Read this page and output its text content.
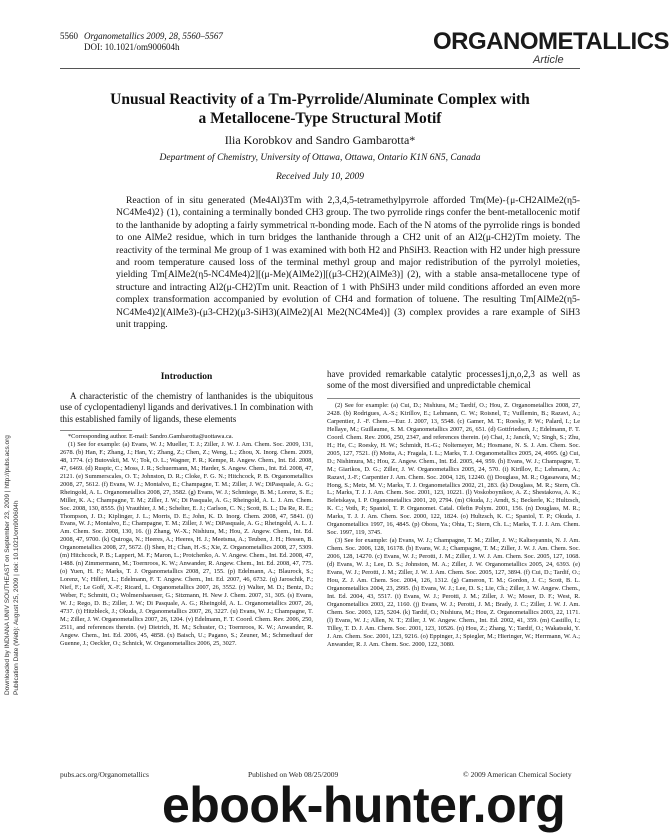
5560 Organometallics 2009, 28, 5560–5567
DOI: 10.1021/om900604h	ORGANOMETALLICS
Article
Downloaded by INDIANA UNIV SOUTHEAST on September 23, 2009 | http://pubs.acs.org Publication Date (Web): August 25, 2009 | doi: 10.1021/om900604h
Unusual Reactivity of a Tm-Pyrrolide/Aluminate Complex with
a Metallocene-Type Structural Motif
Ilia Korobkov and Sandro Gambarotta*
Department of Chemistry, University of Ottawa, Ottawa, Ontario K1N 6N5, Canada
Received July 10, 2009

Reaction of in situ generated (Me4Al)3Tm with 2,3,4,5-tetramethylpyrrole afforded Tm(Me)-{μ-CH2AlMe2(η5-NC4Me4)2} (1), containing a terminally bonded CH3 group. The two pyrrolide rings confer the bent-metallocenic motif to the lanthanide by adopting a fairly symmetrical π-bonding mode. Each of the N atoms of the pyrrolide rings is bonded to one AlMe2 residue, which in turn bridges the lanthanide through a CH2 unit of an Al2(μ-CH2)Tm moiety. The reactivity of the terminal Me group of 1 was examined with both H2 and PhSiH3. Reaction with H2 under high pressure and room temperature caused loss of the terminal methyl group and major redistribution of the pyrrolyl moieties, yielding Tm[AlMe2(η5-NC4Me4)2][(μ-Me)(AlMe2)][(μ3-CH2)(AlMe3)] (2), with a stable ansa-metallocene type of structure and intracting Al2(μ-CH2)Tm unit. Reaction of 1 with PhSiH3 under mild conditions afforded an even more complex transformation accompanied by evolution of CH4 and formation of toluene. The resulting Tm[AlMe2(η5-NC4Me4)2](AlMe3)-(μ3-CH2)(μ3-SiH3)(AlMe2)[Al Me2(NC4Me4)] (3) complex provides a rare example of SiH3 unit trapping.

Introduction

A characteristic of the chemistry of lanthanides is the ubiquitous use of cyclopentadienyl ligands and derivatives.1 In combination with this established family of ligands, these elements

*Corresponding author. E-mail: Sandro.Gambarotta@uottawa.ca.

(1) See for example: (a) Evans, W. J.; Mueller, T. J.; Ziller, J. W. J. Am. Chem. Soc. 2009, 131, 2678. (b) Han, F.; Zhang, J.; Han, Y.; Zhang, Z.; Chen, Z.; Weng, L.; Zhou, X. Inorg. Chem. 2009, 48, 1774. (c) Butovskii, M. V.; Tok, O. L.; Wagner, F. R.; Kempe, R. Angew. Chem., Int. Ed. 2008, 47, 6469. (d) Ruspic, C.; Moss, J. R.; Schuermann, M.; Harder, S. Angew. Chem., Int. Ed. 2008, 47, 2121. (e) Summerscales, O. T.; Johnston, D. R.; Cloke, F. G. N.; Hitchcock, P. B. Organometallics 2008, 27, 5612. (f) Evans, W. J.; Montalvo, E.; Champagne, T. M.; Ziller, J. W.; DiPasquale, A. G.; Rheingold, A. L. Organometallics 2008, 27, 3582. (g) Evans, W. J.; Schmiege, B. M.; Lorenz, S. E.; Miller, K. A.; Champagne, T. M.; Ziller, J. W.; Di Pasquale, A. G.; Rheingold, A. L. J. Am. Chem. Soc. 2008, 130, 8555. (h) Vrauthier, J. M.; Schelter, E. J.; Carlson, C. N.; Scott, B. L.; Da Re, R. E.; Thompson, J. D.; Kiplinger, J. L.; Morris, D. E.; John, K. D. Inorg. Chem. 2008, 47, 5841. (i) Evans, W. J.; Montalvo, E.; Champagne, T. M.; Ziller, J. W.; DiPasquale, A. G.; Rheingold, A. L. J. Am. Chem. Soc. 2008, 130, 16. (j) Zhang, W.-X.; Nishiura, M.; Hou, Z. Angew. Chem., Int. Ed. 2008, 47, 9700. (k) Quiroga, N.; Heeres, A.; Heeres, H. J.; Meetsma, A.; Teuben, J. H.; Hessen, B. Organometallics 2008, 27, 5672. (l) Shen, H.; Chan, H.-S.; Xie, Z. Organometallics 2008, 27, 5309. (m) Hitchcock, P. B.; Lappert, M. F.; Maron, L.; Protchenko, A. V. Angew. Chem., Int. Ed. 2008, 47, 1488. (n) Zimmermann, M.; Toernroos, K. W.; Anwander, R. Angew. Chem., Int. Ed. 2008, 47, 775. (o) Yuen, H. F.; Marks, T. J. Organometallics 2008, 27, 155. (p) Edelmann, A.; Blaurock, S.; Lorenz, V.; Hilfert, L.; Edelmann, F. T. Angew. Chem., Int. Ed. 2007, 46, 6732. (q) Jaroschik, F.; Nief, F.; Le Goff, X.-F.; Ricard, L. Organometallics 2007, 26, 3552. (r) Walter, M. D.; Bentz, D.; Weber, F.; Schmitt, O.; Wolmershaeuser, G.; Sitzmann, H. New J. Chem. 2007, 31, 305. (s) Evans, W. J.; Rego, D. B.; Ziller, J. W.; Di Pasquale, A. G.; Rheingold, A. L. Organometallics 2007, 26, 4737. (t) Hitzbleck, J.; Okuda, J. Organometallics 2007, 26, 3227. (u) Evans, W. J.; Champagne, T. M.; Ziller, J. W. Organometallics 2007, 26, 1204. (v) Edelmann, F. T. Coord. Chem. Rev. 2006, 250, 2511, and references therein. (w) Dietrich, H. M.; Schuster, O.; Toernroos, K. W.; Anwander, R. Angew. Chem., Int. Ed. 2006, 45, 4858. (x) Baisch, U.; Pagano, S.; Zeuner, M.; Schmedtauf der Guenne, J.; Oeckler, O.; Schnick, W. Organometallics 2006, 25, 3027.

have provided remarkable catalytic processes1j,n,o,2,3 as well as some of the most diversified and unpredictable chemical

(2) See for example: (a) Cui, D.; Nishiura, M.; Tardif, O.; Hou, Z. Organometallics 2008, 27, 2428. (b) Rodrigues, A.-S.; Kirillov, E.; Lehmann, C. W.; Roisnel, T.; Vuillemin, B.; Razavi, A.; Carpentier, J. -F. Chem.—Eur. J. 2007, 13, 5548. (c) Gamer, M. T.; Roesky, P. W.; Palard, I.; Le Hellaye, M.; Guillaume, S. M. Organometallics 2007, 26, 651. (d) Gottfriedsen, J.; Edelmann, F. T. Coord. Chem. Rev. 2006, 250, 2347, and references therein. (e) Chai, J.; Jancik, V.; Singh, S.; Zhu, H.; He, C.; Roesky, H. W.; Schmidt, H.-G.; Noltemeyer, M.; Hosmane, N. S. J. Am. Chem. Soc. 2005, 127, 7521. (f) Motta, A.; Fragala, I. L.; Marks, T. J. Organometallics 2005, 24, 4995. (g) Cui, D.; Nishimura, M.; Hou, Z. Angew. Chem., Int. Ed. 2005, 44, 959. (h) Evans, W. J.; Champagne, T. M.; Giarikos, D. G.; Ziller, J. W. Organometallics 2005, 24, 570. (i) Kirillov, E.; Lehmann, A.; Razavi, J.-F.; Carpentier J. Am. Chem. Soc. 2004, 126, 12240. (j) Douglass, M. R.; Ogasawara, M.; Hong, S.; Metz, M. V.; Marks, T. J. Organometallics 2002, 21, 283. (k) Douglass, M. R.; Stern, Ch. L.; Marks, T. J. J. Am. Chem. Soc. 2001, 123, 10221. (l) Voskoboynikov, A. Z.; Shestakova, A. K.; Beletskaya, I. P. Organometallics 2001, 20, 2794. (m) Okuda, J.; Arndt, S.; Beckerle, K.; Hultzsch, K. C.; Voth, P.; Spaniol, T. P. Organomet. Catal. Olefin Polym. 2001, 156. (n) Douglass, M. R.; Marks, T. J. J. Am. Chem. Soc. 2000, 122, 1824. (o) Hultzsch, K. C.; Spaniol, T. P.; Okuda, J. Organometallics 1997, 16, 4845. (p) Obora, Ya.; Ohta, T.; Stern, Ch. L.; Marks, T. J. J. Am. Chem. Soc. 1997, 119, 3745.

(3) See for example: (a) Evans, W. J.; Champagne, T. M.; Ziller, J. W.; Kaltsoyannis, N. J. Am. Chem. Soc. 2006, 128, 16178. (b) Evans, W. J.; Champagne, T. M.; Ziller, J. W. J. Am. Chem. Soc. 2006, 128, 14270. (c) Evans, W. J.; Perotti, J. M.; Ziller, J. W. J. Am. Chem. Soc. 2005, 127, 1068. (d) Evans, W. J.; Lee, D. S.; Johnston, M. A.; Ziller, J. W. Organometallics 2005, 24, 6393. (e) Evans, W. J.; Perotti, J. M.; Ziller, J. W. J. Am. Chem. Soc. 2005, 127, 3894. (f) Cui, D.; Tardif, O.; Hou, Z. J. Am. Chem. Soc. 2004, 126, 1312. (g) Cameron, T. M.; Gordon, J. C.; Scott, B. L. Organometallics 2004, 23, 2995. (h) Evans, W. J.; Lee, D. S.; Lie, Ch.; Ziller, J. W. Angew. Chem., Int. Ed. 2004, 43, 5517. (i) Evans, W. J.; Perotti, J. M.; Ziller, J. W.; Moser, D. F.; West, R. Organometallics 2003, 22, 1160. (j) Evans, W. J.; Perotti, J. M.; Brady, J. C.; Ziller, J. W. J. Am. Chem. Soc. 2003, 125, 5204. (k) Tardif, O.; Nishiura, M.; Hou, Z. Organometallics 2003, 22, 1171. (l) Evans, W. J.; Allen, N. T.; Ziller, J. W. Angew. Chem., Int. Ed. 2002, 41, 359. (m) Castillo, I.; Tilley, T. D. J. Am. Chem. Soc. 2001, 123, 10526. (n) Hou, Z.; Zhang, Y.; Tardif, O.; Wakatsuki, Y. J. Am. Chem. Soc. 2001, 123, 9216. (o) Eppinger, J.; Spiegler, M.; Hieringer, W.; Herrmann, W. A.; Anwander, R. J. Am. Chem. Soc. 2000, 122, 3080.

pubs.acs.org/Organometallics	Published on Web 08/25/2009	© 2009 American Chemical Society
ebook-hunter.org
